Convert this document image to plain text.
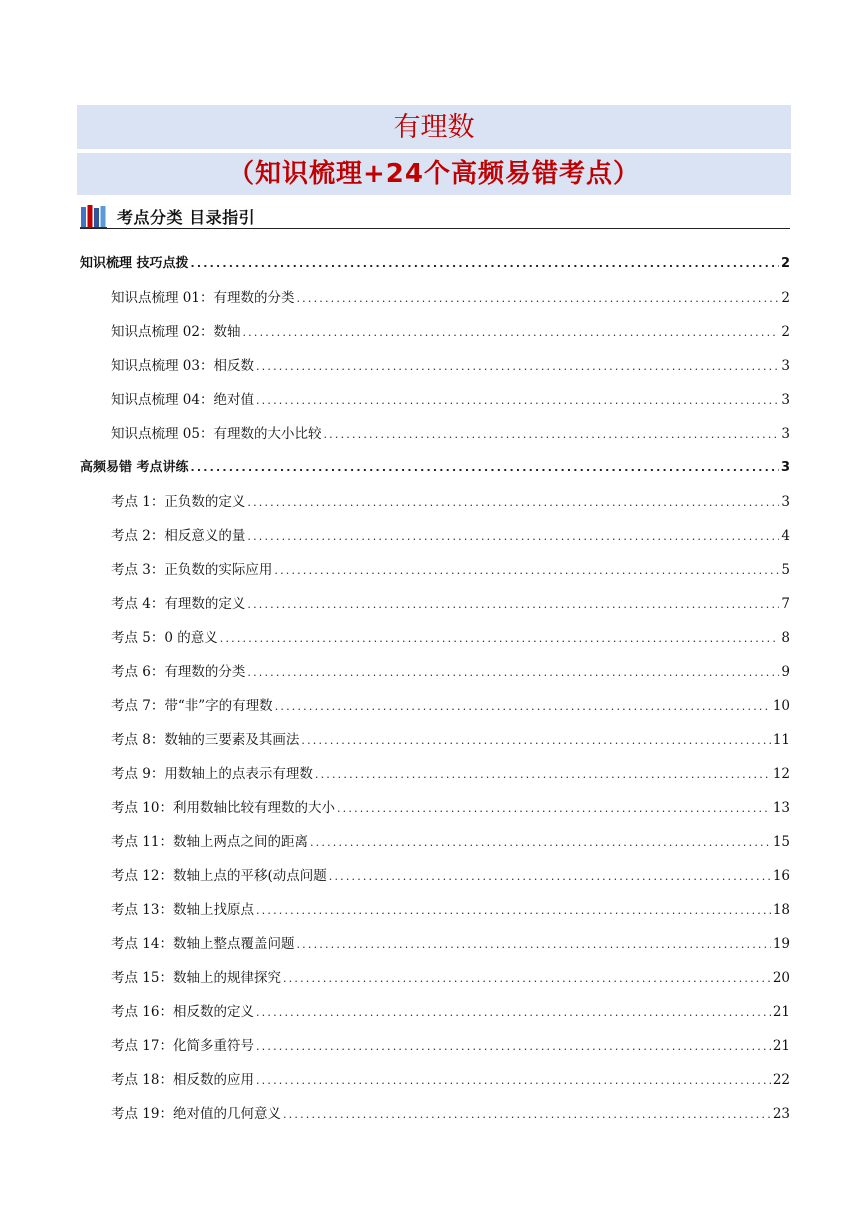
有理数
（知识梳理+24个高频易错考点）
考点分类 目录指引
知识梳理 技巧点拨 .....	2
知识点梳理 01：有理数的分类 .....	2
知识点梳理 02：数轴 .....	2
知识点梳理 03：相反数 .....	3
知识点梳理 04：绝对值 .....	3
知识点梳理 05：有理数的大小比较 .....	3
高频易错 考点讲练 .....	3
考点 1：正负数的定义 .....	3
考点 2：相反意义的量 .....	4
考点 3：正负数的实际应用 .....	5
考点 4：有理数的定义 .....	7
考点 5：0 的意义 .....	8
考点 6：有理数的分类 .....	9
考点 7：带“非”字的有理数 .....	10
考点 8：数轴的三要素及其画法 .....	11
考点 9：用数轴上的点表示有理数 .....	12
考点 10：利用数轴比较有理数的大小 .....	13
考点 11：数轴上两点之间的距离 .....	15
考点 12：数轴上点的平移(动点问题 .....	16
考点 13：数轴上找原点 .....	18
考点 14：数轴上整点覆盖问题 .....	19
考点 15：数轴上的规律探究 .....	20
考点 16：相反数的定义 .....	21
考点 17：化简多重符号 .....	21
考点 18：相反数的应用 .....	22
考点 19：绝对值的几何意义 .....	23
